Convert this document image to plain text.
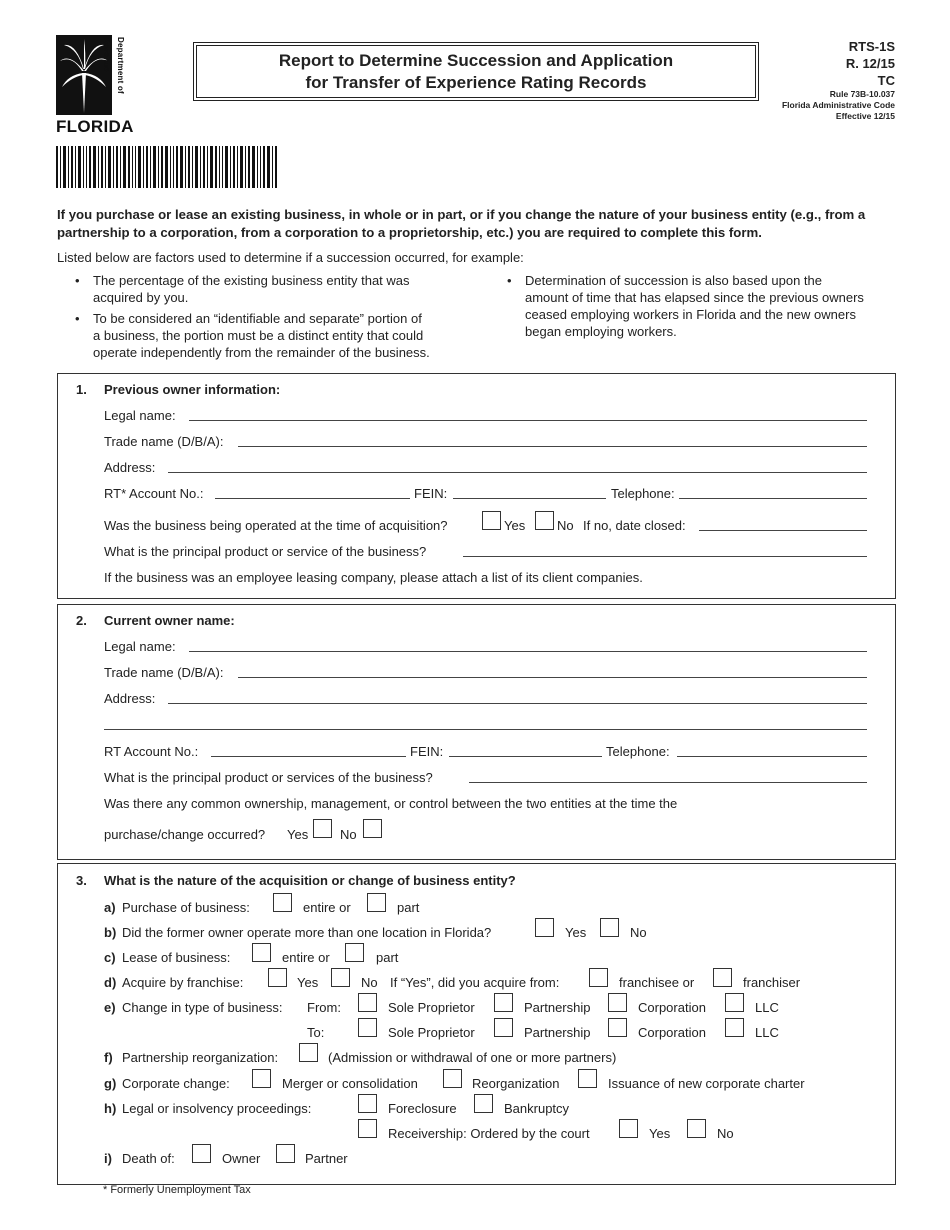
Department of Revenue
FLORIDA
Report to Determine Succession and Application
for Transfer of Experience Rating Records
RTS-1S
R. 12/15
TC
Rule 73B-10.037
Florida Administrative Code
Effective 12/15
If you purchase or lease an existing business, in whole or in part, or if you change the nature of your business entity (e.g., from a partnership to a corporation, from a corporation to a proprietorship, etc.) you are required to complete this form.
Listed below are factors used to determine if a succession occurred, for example:
• The percentage of the existing business entity that was
acquired by you.
• To be considered an “identifiable and separate” portion of
a business, the portion must be a distinct entity that could
operate independently from the remainder of the business.
• Determination of succession is also based upon the
amount of time that has elapsed since the previous owners
ceased employing workers in Florida and the new owners
began employing workers.
1. Previous owner information:
Legal name:
Trade name (D/B/A):
Address:
RT* Account No.:	FEIN:	Telephone:
Was the business being operated at the time of acquisition?	Yes No If no, date closed:
What is the principal product or service of the business?
If the business was an employee leasing company, please attach a list of its client companies.
2. Current owner name:
Legal name:
Trade name (D/B/A):
Address:
RT Account No.:	FEIN:	Telephone:
What is the principal product or services of the business?
Was there any common ownership, management, or control between the two entities at the time the
purchase/change occurred? Yes No
3. What is the nature of the acquisition or change of business entity?
a) Purchase of business:	entire or	part
b) Did the former owner operate more than one location in Florida?	Yes	No
c) Lease of business:	entire or	part
d) Acquire by franchise:	Yes	No If “Yes”, did you acquire from:	franchisee or	franchiser
e) Change in type of business: From:	Sole Proprietor	Partnership	Corporation	LLC
To:	Sole Proprietor	Partnership	Corporation	LLC
f) Partnership reorganization:	(Admission or withdrawal of one or more partners)
g) Corporate change:	Merger or consolidation	Reorganization	Issuance of new corporate charter
h) Legal or insolvency proceedings:	Foreclosure	Bankruptcy
Receivership: Ordered by the court	Yes	No
i) Death of:	Owner	Partner
* Formerly Unemployment Tax
